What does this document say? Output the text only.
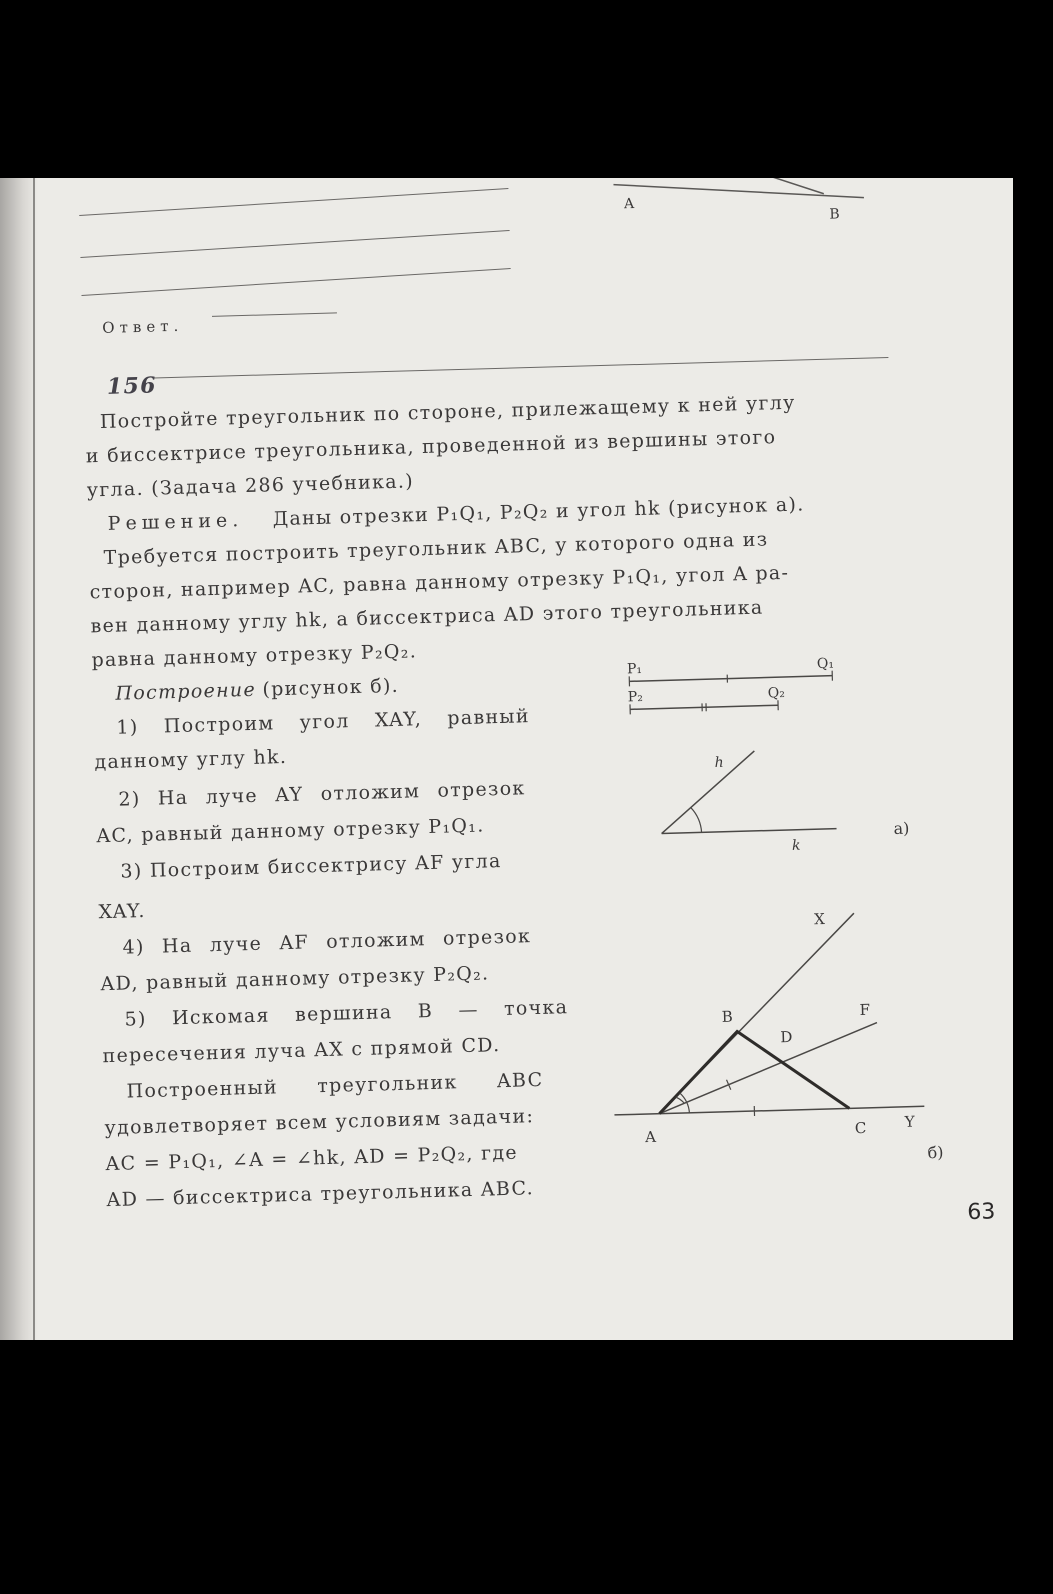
A
B
Ответ.
156
Постройте треугольник по стороне, прилежащему к ней углу
и биссектрисе треугольника, проведенной из вершины этого
угла. (Задача 286 учебника.)
Решение. Даны отрезки P₁Q₁, P₂Q₂ и угол hk (рисунок а).
Требуется построить треугольник ABC, у которого одна из
сторон, например AC, равна данному отрезку P₁Q₁, угол A ра-
вен данному углу hk, а биссектриса AD этого треугольника
равна данному отрезку P₂Q₂.
Построение (рисунок б).
1) Построим угол XAY, равный
данному углу hk.
2) На луче AY отложим отрезок
AC, равный данному отрезку P₁Q₁.
3) Построим биссектрису AF угла
XAY.
4) На луче AF отложим отрезок
AD, равный данному отрезку P₂Q₂.
5) Искомая вершина B — точка
пересечения луча AX с прямой CD.
Построенный треугольник ABC
удовлетворяет всем условиям задачи:
AC = P₁Q₁, ∠A = ∠hk, AD = P₂Q₂, где
AD — биссектриса треугольника ABC.
P₁	Q₁
P₂	Q₂
h
k
а)
X
B	F
D
A	C	Y
б)
63
